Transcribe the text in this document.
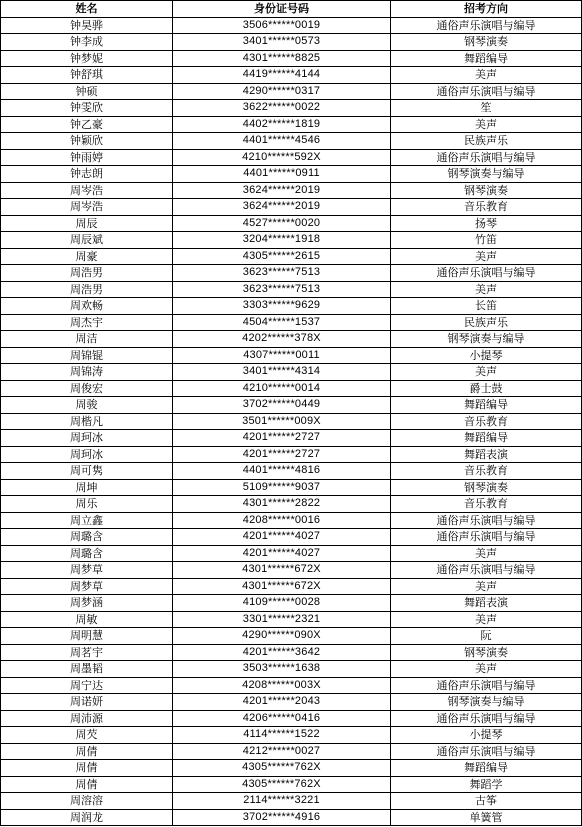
姓名	身份证号码	招考方向
钟昊骅	3506******0019	通俗声乐演唱与编导
钟李成	3401******0573	钢琴演奏
钟梦妮	4301******8825	舞蹈编导
钟舒琪	4419******4144	美声
钟硕	4290******0317	通俗声乐演唱与编导
钟雯欣	3622******0022	笙
钟乙豪	4402******1819	美声
钟颖欣	4401******4546	民族声乐
钟雨婷	4210******592X	通俗声乐演唱与编导
钟志朗	4401******0911	钢琴演奏与编导
周岑浩	3624******2019	钢琴演奏
周岑浩	3624******2019	音乐教育
周辰	4527******0020	扬琴
周辰斌	3204******1918	竹笛
周豪	4305******2615	美声
周浩男	3623******7513	通俗声乐演唱与编导
周浩男	3623******7513	美声
周欢畅	3303******9629	长笛
周杰宇	4504******1537	民族声乐
周洁	4202******378X	钢琴演奏与编导
周锦锟	4307******0011	小提琴
周锦涛	3401******4314	美声
周俊宏	4210******0014	爵士鼓
周骏	3702******0449	舞蹈编导
周楷凡	3501******009X	音乐教育
周珂冰	4201******2727	舞蹈编导
周珂冰	4201******2727	舞蹈表演
周可隽	4401******4816	音乐教育
周坤	5109******9037	钢琴演奏
周乐	4301******2822	音乐教育
周立鑫	4208******0016	通俗声乐演唱与编导
周璐含	4201******4027	通俗声乐演唱与编导
周璐含	4201******4027	美声
周梦草	4301******672X	通俗声乐演唱与编导
周梦草	4301******672X	美声
周梦涵	4109******0028	舞蹈表演
周敏	3301******2321	美声
周明慧	4290******090X	阮
周茗宇	4201******3642	钢琴演奏
周墨韬	3503******1638	美声
周宁达	4208******003X	通俗声乐演唱与编导
周诺妍	4201******2043	钢琴演奏与编导
周沛源	4206******0416	通俗声乐演唱与编导
周芡	4114******1522	小提琴
周倩	4212******0027	通俗声乐演唱与编导
周倩	4305******762X	舞蹈编导
周倩	4305******762X	舞蹈学
周溶溶	2114******3221	古筝
周润龙	3702******4916	单簧管
